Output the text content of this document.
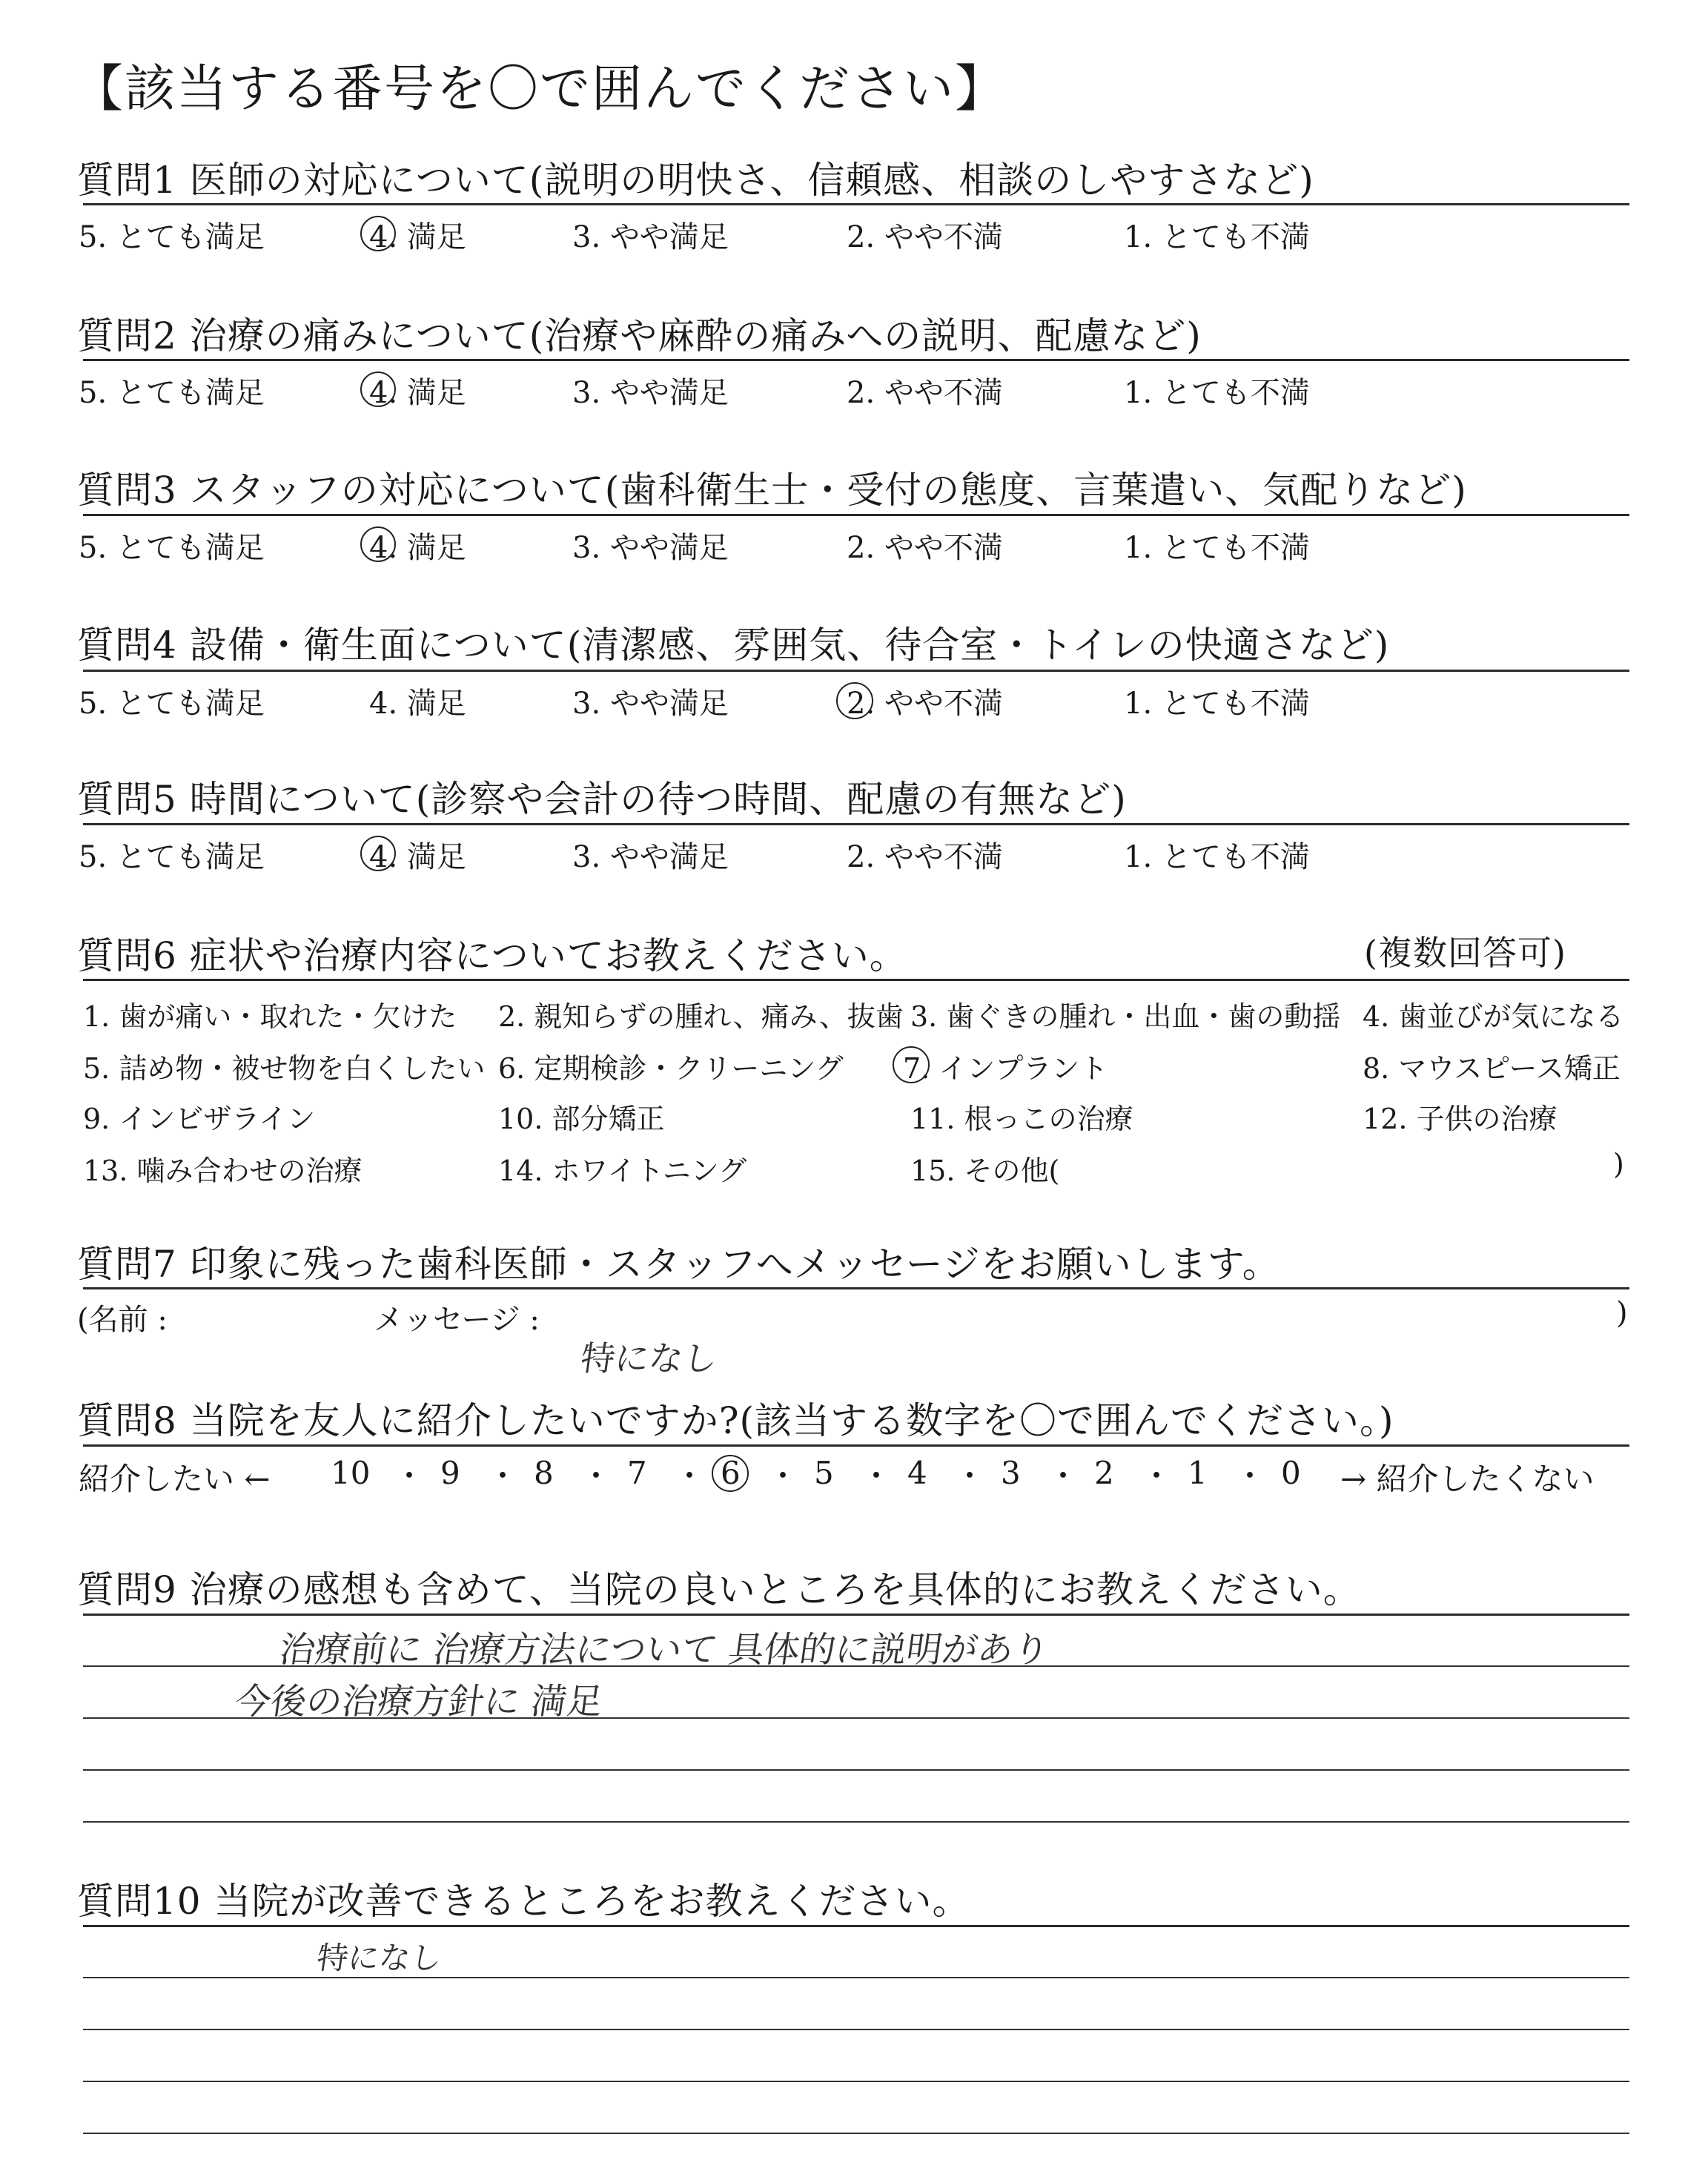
【該当する番号を〇で囲んでください】
質問1 医師の対応について(説明の明快さ、信頼感、相談のしやすさなど)
5. とても満足	4. 満足	3. やや満足	2. やや不満	1. とても不満
質問2 治療の痛みについて(治療や麻酔の痛みへの説明、配慮など)
5. とても満足	4. 満足	3. やや満足	2. やや不満	1. とても不満
質問3 スタッフの対応について(歯科衛生士・受付の態度、言葉遣い、気配りなど)
5. とても満足	4. 満足	3. やや満足	2. やや不満	1. とても不満
質問4 設備・衛生面について(清潔感、雰囲気、待合室・トイレの快適さなど)
5. とても満足	4. 満足	3. やや満足	2. やや不満	1. とても不満
質問5 時間について(診察や会計の待つ時間、配慮の有無など)
5. とても満足	4. 満足	3. やや満足	2. やや不満	1. とても不満
質問6 症状や治療内容についてお教えください。	(複数回答可)
1. 歯が痛い・取れた・欠けた 2. 親知らずの腫れ、痛み、抜歯 3. 歯ぐきの腫れ・出血・歯の動揺 4. 歯並びが気になる
5. 詰め物・被せ物を白くしたい 6. 定期検診・クリーニング 7. インプラント	8. マウスピース矯正
9. インビザライン	10. 部分矯正	11. 根っこの治療	12. 子供の治療
13. 噛み合わせの治療	14. ホワイトニング	15. その他(	)
質問7 印象に残った歯科医師・スタッフへメッセージをお願いします。
(名前 :	メッセージ :	)
特になし
質問8 当院を友人に紹介したいですか?(該当する数字を〇で囲んでください。)
紹介したい ← 10 ・ 9 ・ 8 ・ 7 ・ 6 ・ 5 ・ 4 ・ 3 ・ 2 ・ 1 ・ 0 → 紹介したくない
質問9 治療の感想も含めて、当院の良いところを具体的にお教えください。
治療前に 治療方法について 具体的に説明があり
今後の治療方針に 満足
質問10 当院が改善できるところをお教えください。
特になし
